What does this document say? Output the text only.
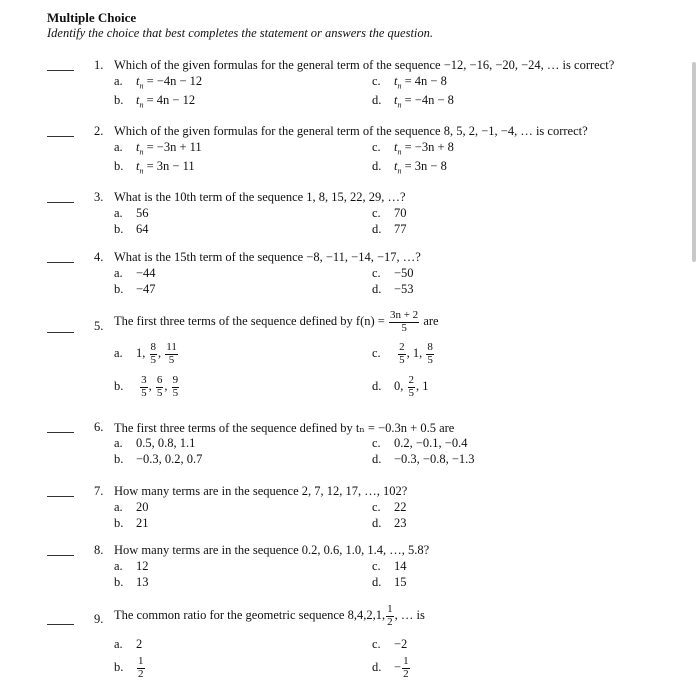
Multiple Choice
Identify the choice that best completes the statement or answers the question.
1. Which of the given formulas for the general term of the sequence −12, −16, −20, −24, … is correct?
a. $t_n = -4n - 12$	c. $t_n = 4n - 8$
b. $t_n = 4n - 12$	d. $t_n = -4n - 8$
2. Which of the given formulas for the general term of the sequence 8, 5, 2, −1, −4, … is correct?
a. $t_n = -3n + 11$	c. $t_n = -3n + 8$
b. $t_n = 3n - 11$	d. $t_n = 3n - 8$
3. What is the 10th term of the sequence 1, 8, 15, 22, 29, …?
a. 56	c. 70
b. 64	d. 77
4. What is the 15th term of the sequence −8, −11, −14, −17, …?
a. −44	c. −50
b. −47	d. −53
5. The first three terms of the sequence defined by $f(n) = \frac{3n + 2}{5}$ are
a. 1, $\frac{8}{5}$ , $\frac{11}{5}$	c. $\frac{2}{5}$ , 1, $\frac{8}{5}$
b. $\frac{3}{5}$ , $\frac{6}{5}$ , $\frac{9}{5}$	d. 0, $\frac{2}{5}$ , 1
6. The first three terms of the sequence defined by tₙ = −0.3n + 0.5 are
a. 0.5, 0.8, 1.1	c. 0.2, −0.1, −0.4
b. −0.3, 0.2, 0.7	d. −0.3, −0.8, −1.3
7. How many terms are in the sequence 2, 7, 12, 17, …, 102?
a. 20	c. 22
b. 21	d. 23
8. How many terms are in the sequence 0.2, 0.6, 1.0, 1.4, …, 5.8?
a. 12	c. 14
b. 13	d. 15
9. The common ratio for the geometric sequence 8,4,2,1, $\frac{1}{2}$ , … is
a. 2	c. −2
b. $\frac{1}{2}$	d. − $\frac{1}{2}$
